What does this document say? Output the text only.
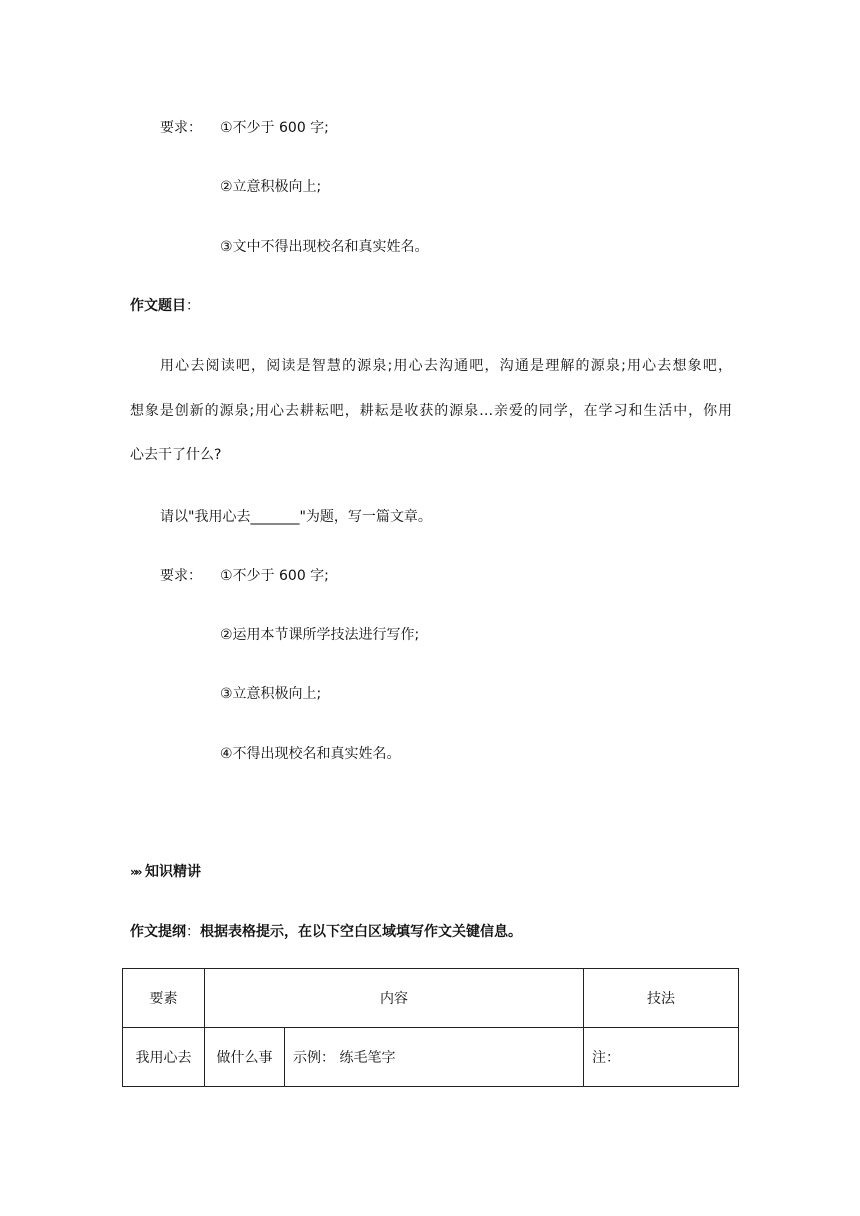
要求： ①不少于 600 字;
②立意积极向上;
③文中不得出现校名和真实姓名。
作文题目：
用心去阅读吧，阅读是智慧的源泉;用心去沟通吧，沟通是理解的源泉;用心去想象吧，
想象是创新的源泉;用心去耕耘吧，耕耘是收获的源泉…亲爱的同学，在学习和生活中，你用
心去干了什么?
请以"我用心去_______"为题，写一篇文章。
要求： ①不少于 600 字;
②运用本节课所学技法进行写作;
③立意积极向上;
④不得出现校名和真实姓名。
»» 知识精讲
作文提纲：根据表格提示，在以下空白区域填写作文关键信息。
要素	内容		技法
我用心去	做什么事	示例： 练毛笔字	注：
